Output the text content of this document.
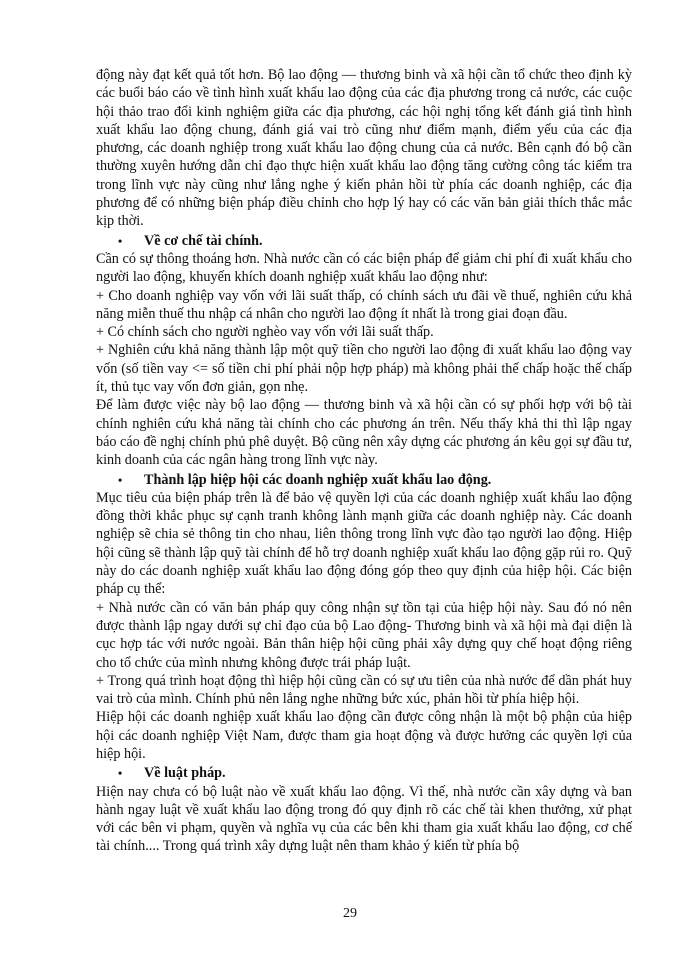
động này đạt kết quả tốt hơn. Bộ lao động — thương binh và xã hội cần tổ chức theo định kỳ các buổi báo cáo về tình hình xuất khẩu lao động của các địa phương trong cả nước, các cuộc hội thảo trao đổi kinh nghiệm giữa các địa phương, các hội nghị tổng kết đánh giá tình hình xuất khẩu lao động chung, đánh giá vai trò cũng như điểm mạnh, điểm yếu của các địa phương, các doanh nghiệp trong xuất khẩu lao động chung của cả nước. Bên cạnh đó bộ cần thường xuyên hướng dẫn chỉ đạo thực hiện xuất khẩu lao động tăng cường công tác kiểm tra trong lĩnh vực này cũng như lắng nghe ý kiến phản hồi từ phía các doanh nghiệp, các địa phương để có những biện pháp điều chỉnh cho hợp lý hay có các văn bản giải thích thắc mắc kịp thời.

•	Về cơ chế tài chính.

Cần có sự thông thoáng hơn. Nhà nước cần có các biện pháp để giảm chi phí đi xuất khẩu cho người lao động, khuyến khích doanh nghiệp xuất khẩu lao động như:

+ Cho doanh nghiệp vay vốn với lãi suất thấp, có chính sách ưu đãi về thuế, nghiên cứu khả năng miễn thuế thu nhập cá nhân cho người lao động ít nhất là trong giai đoạn đầu.

+ Có chính sách cho người nghèo vay vốn với lãi suất thấp.

+ Nghiên cứu khả năng thành lập một quỹ tiền cho người lao động đi xuất khẩu lao động vay vốn (số tiền vay <= số tiền chi phí phải nộp hợp pháp) mà không phải thế chấp hoặc thế chấp ít, thủ tục vay vốn đơn giản, gọn nhẹ.

Để làm được việc này bộ lao động — thương binh và xã hội cần có sự phối hợp với bộ tài chính nghiên cứu khả năng tài chính cho các phương án trên. Nếu thấy khả thi thì lập ngay báo cáo đề nghị chính phủ phê duyệt. Bộ cũng nên xây dựng các phương án kêu gọi sự đầu tư, kinh doanh của các ngân hàng trong lĩnh vực này.

•	Thành lập hiệp hội các doanh nghiệp xuất khẩu lao động.

Mục tiêu của biện pháp trên là để bảo vệ quyền lợi của các doanh nghiệp xuất khẩu lao động đồng thời khắc phục sự cạnh tranh không lành mạnh giữa các doanh nghiệp này. Các doanh nghiệp sẽ chia sẻ thông tin cho nhau, liên thông trong lĩnh vực đào tạo người lao động. Hiệp hội cũng sẽ thành lập quỹ tài chính để hỗ trợ doanh nghiệp xuất khẩu lao động gặp rủi ro. Quỹ này do các doanh nghiệp xuất khẩu lao động đóng góp theo quy định của hiệp hội. Các biện pháp cụ thể:

+ Nhà nước cần có văn bản pháp quy công nhận sự tồn tại của hiệp hội này. Sau đó nó nên được thành lập ngay dưới sự chỉ đạo của bộ Lao động- Thương binh và xã hội mà đại diện là cục hợp tác với nước ngoài. Bản thân hiệp hội cũng phải xây dựng quy chế hoạt động riêng cho tổ chức của mình nhưng không được trái pháp luật.

+ Trong quá trình hoạt động thì hiệp hội cũng cần có sự ưu tiên của nhà nước để dần phát huy vai trò của mình. Chính phủ nên lắng nghe những bức xúc, phản hồi từ phía hiệp hội.

Hiệp hội các doanh nghiệp xuất khẩu lao động cần được công nhận là một bộ phận của hiệp hội các doanh nghiệp Việt Nam, được tham gia hoạt động và được hưởng các quyền lợi của hiệp hội.

•	Về luật pháp.

Hiện nay chưa có bộ luật nào về xuất khẩu lao động. Vì thế, nhà nước cần xây dựng và ban hành ngay luật về xuất khẩu lao động trong đó quy định rõ các chế tài khen thưởng, xử phạt với các bên vi phạm, quyền và nghĩa vụ của các bên khi tham gia xuất khẩu lao động, cơ chế tài chính.... Trong quá trình xây dựng luật nên tham khảo ý kiến từ phía bộ

29
